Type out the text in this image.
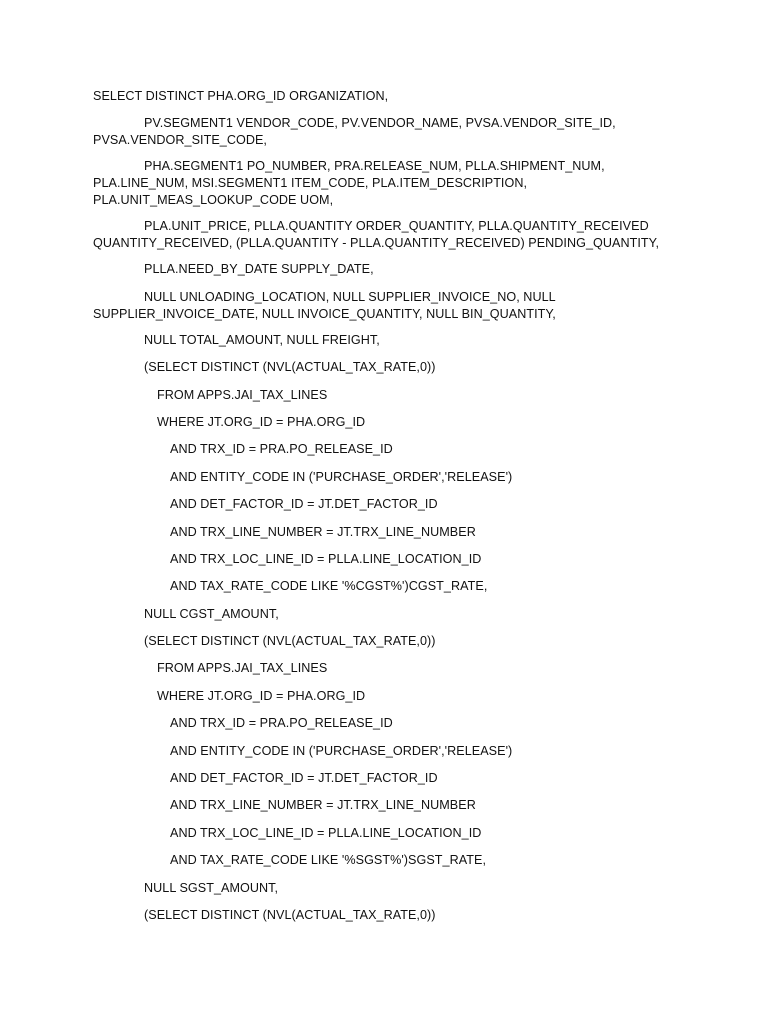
SELECT DISTINCT PHA.ORG_ID ORGANIZATION,

PV.SEGMENT1 VENDOR_CODE, PV.VENDOR_NAME, PVSA.VENDOR_SITE_ID, PVSA.VENDOR_SITE_CODE,

PHA.SEGMENT1 PO_NUMBER, PRA.RELEASE_NUM, PLLA.SHIPMENT_NUM, PLA.LINE_NUM, MSI.SEGMENT1 ITEM_CODE, PLA.ITEM_DESCRIPTION, PLA.UNIT_MEAS_LOOKUP_CODE UOM,

PLA.UNIT_PRICE, PLLA.QUANTITY ORDER_QUANTITY, PLLA.QUANTITY_RECEIVED QUANTITY_RECEIVED, (PLLA.QUANTITY - PLLA.QUANTITY_RECEIVED) PENDING_QUANTITY,

PLLA.NEED_BY_DATE SUPPLY_DATE,

NULL UNLOADING_LOCATION, NULL SUPPLIER_INVOICE_NO, NULL SUPPLIER_INVOICE_DATE, NULL INVOICE_QUANTITY, NULL BIN_QUANTITY,

NULL TOTAL_AMOUNT, NULL FREIGHT,

(SELECT DISTINCT (NVL(ACTUAL_TAX_RATE,0))

FROM APPS.JAI_TAX_LINES

WHERE JT.ORG_ID = PHA.ORG_ID

AND TRX_ID = PRA.PO_RELEASE_ID

AND ENTITY_CODE IN ('PURCHASE_ORDER','RELEASE')

AND DET_FACTOR_ID = JT.DET_FACTOR_ID

AND TRX_LINE_NUMBER = JT.TRX_LINE_NUMBER

AND TRX_LOC_LINE_ID = PLLA.LINE_LOCATION_ID

AND TAX_RATE_CODE LIKE '%CGST%')CGST_RATE,

NULL CGST_AMOUNT,

(SELECT DISTINCT (NVL(ACTUAL_TAX_RATE,0))

FROM APPS.JAI_TAX_LINES

WHERE JT.ORG_ID = PHA.ORG_ID

AND TRX_ID = PRA.PO_RELEASE_ID

AND ENTITY_CODE IN ('PURCHASE_ORDER','RELEASE')

AND DET_FACTOR_ID = JT.DET_FACTOR_ID

AND TRX_LINE_NUMBER = JT.TRX_LINE_NUMBER

AND TRX_LOC_LINE_ID = PLLA.LINE_LOCATION_ID

AND TAX_RATE_CODE LIKE '%SGST%')SGST_RATE,

NULL SGST_AMOUNT,

(SELECT DISTINCT (NVL(ACTUAL_TAX_RATE,0))
